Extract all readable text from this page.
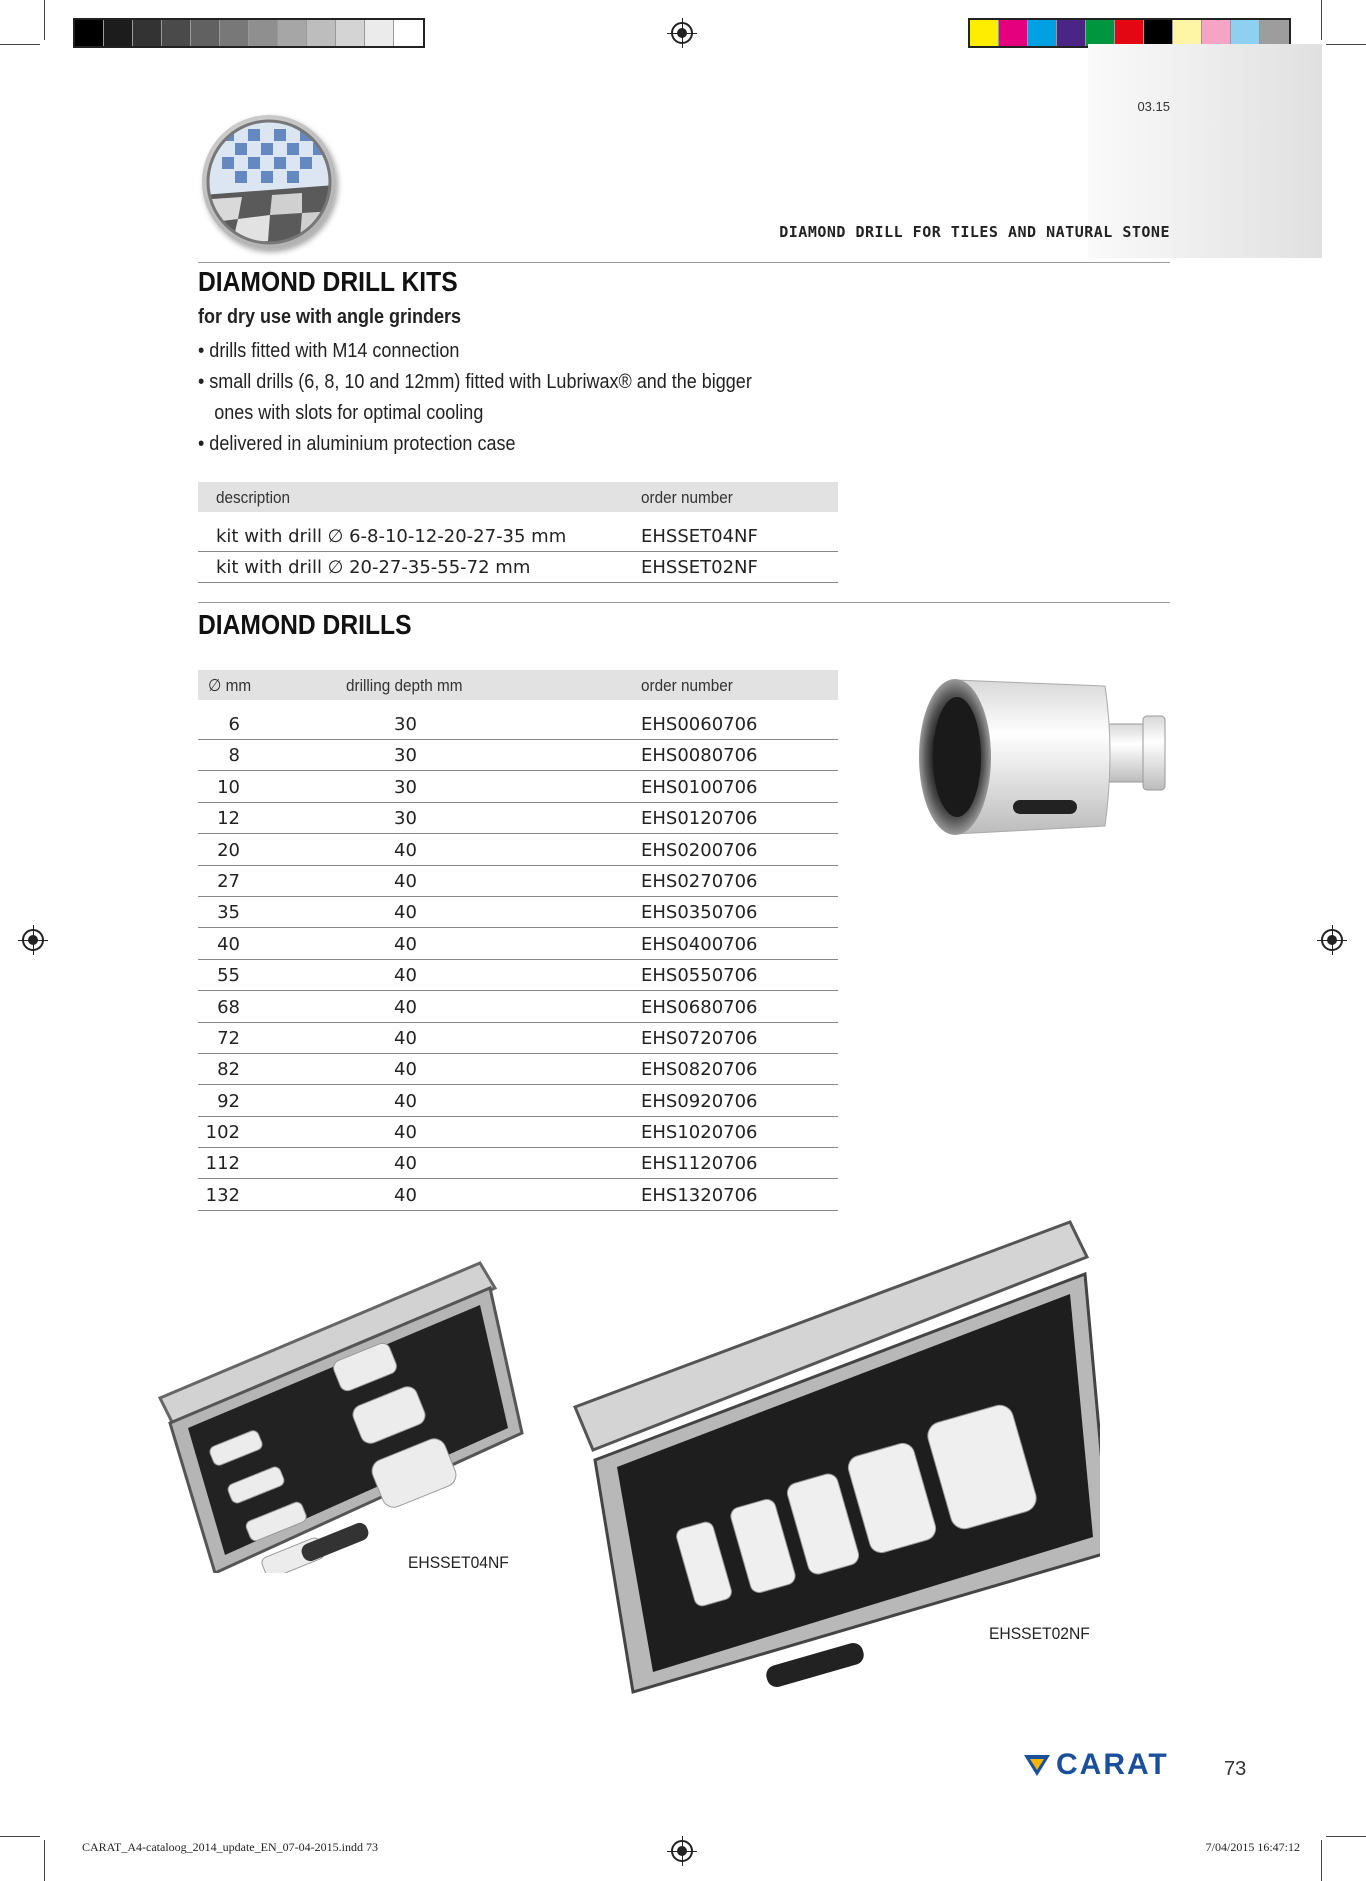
03.15
DIAMOND DRILL FOR TILES AND NATURAL STONE
DIAMOND DRILL KITS
for dry use with angle grinders
• drills fitted with M14 connection
• small drills (6, 8, 10 and 12mm) fitted with Lubriwax® and the bigger ones with slots for optimal cooling
• delivered in aluminium protection case
description	order number
kit with drill ∅ 6-8-10-12-20-27-35 mm	EHSSET04NF
kit with drill ∅ 20-27-35-55-72 mm	EHSSET02NF
DIAMOND DRILLS
∅ mm	drilling depth mm	order number
6	30	EHS0060706
8	30	EHS0080706
10	30	EHS0100706
12	30	EHS0120706
20	40	EHS0200706
27	40	EHS0270706
35	40	EHS0350706
40	40	EHS0400706
55	40	EHS0550706
68	40	EHS0680706
72	40	EHS0720706
82	40	EHS0820706
92	40	EHS0920706
102	40	EHS1020706
112	40	EHS1120706
132	40	EHS1320706
EHSSET04NF
EHSSET02NF
CARAT	73
CARAT_A4-cataloog_2014_update_EN_07-04-2015.indd 73	7/04/2015 16:47:12
